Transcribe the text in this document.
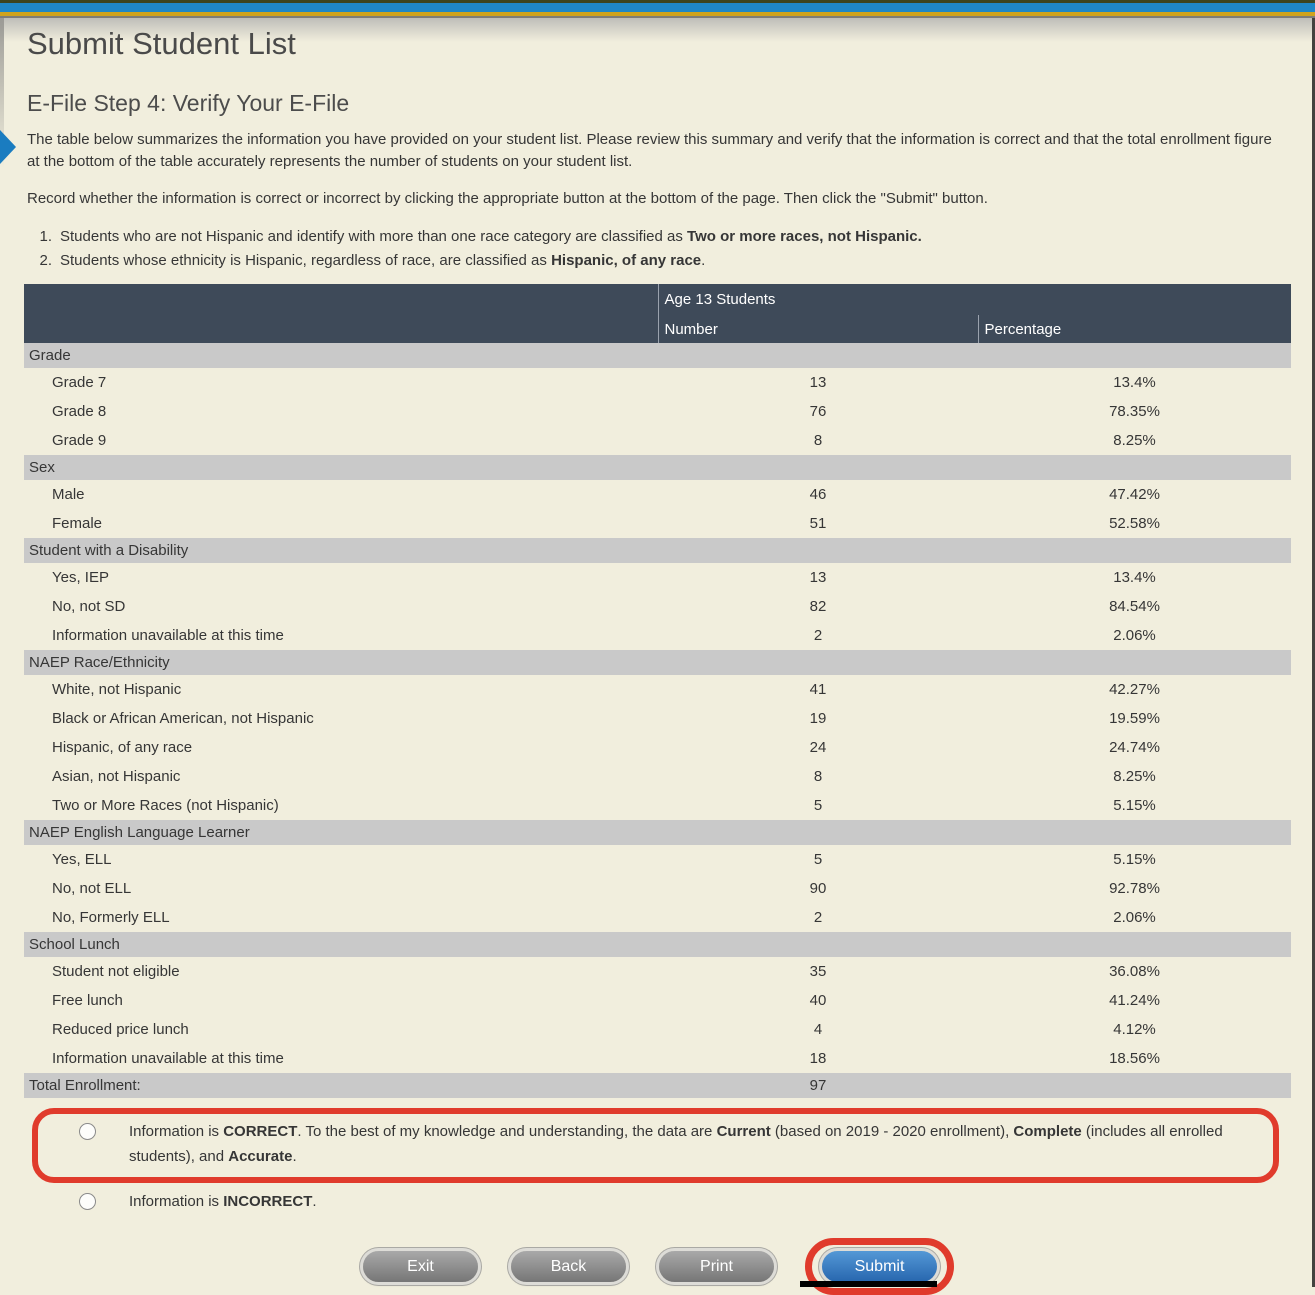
Submit Student List
E-File Step 4: Verify Your E-File

The table below summarizes the information you have provided on your student list. Please review this summary and verify that the information is correct and that the total enrollment figure at the bottom of the table accurately represents the number of students on your student list.

Record whether the information is correct or incorrect by clicking the appropriate button at the bottom of the page. Then click the "Submit" button.

1. Students who are not Hispanic and identify with more than one race category are classified as Two or more races, not Hispanic.
2. Students whose ethnicity is Hispanic, regardless of race, are classified as Hispanic, of any race.
	Age 13 Students	
	Number	Percentage
Grade		
Grade 7	13	13.4%
Grade 8	76	78.35%
Grade 9	8	8.25%
Sex		
Male	46	47.42%
Female	51	52.58%
Student with a Disability		
Yes, IEP	13	13.4%
No, not SD	82	84.54%
Information unavailable at this time	2	2.06%
NAEP Race/Ethnicity		
White, not Hispanic	41	42.27%
Black or African American, not Hispanic	19	19.59%
Hispanic, of any race	24	24.74%
Asian, not Hispanic	8	8.25%
Two or More Races (not Hispanic)	5	5.15%
NAEP English Language Learner		
Yes, ELL	5	5.15%
No, not ELL	90	92.78%
No, Formerly ELL	2	2.06%
School Lunch		
Student not eligible	35	36.08%
Free lunch	40	41.24%
Reduced price lunch	4	4.12%
Information unavailable at this time	18	18.56%
Total Enrollment:	97	
Information is CORRECT. To the best of my knowledge and understanding, the data are Current (based on 2019 - 2020 enrollment), Complete (includes all enrolled students), and Accurate.
Information is INCORRECT.
Exit	Back	Print	Submit
